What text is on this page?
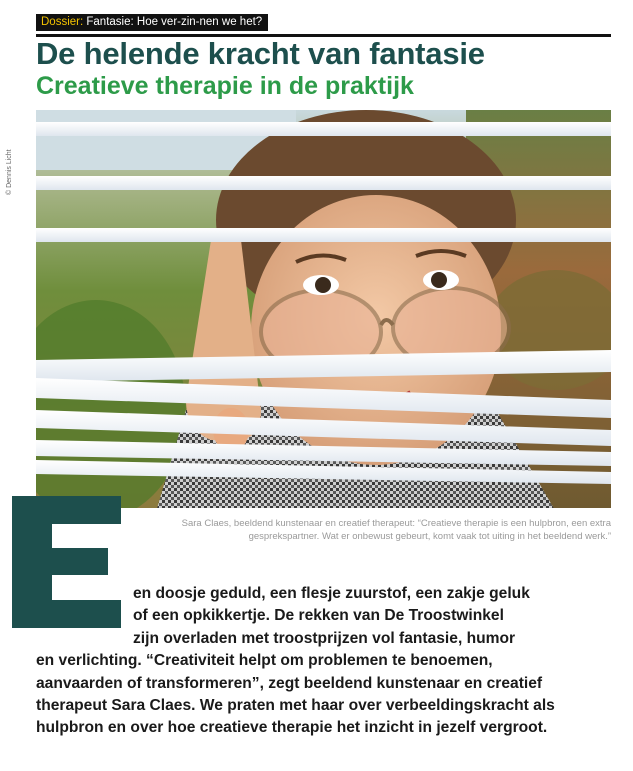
Dossier: Fantasie: Hoe ver-zin-nen we het?
De helende kracht van fantasie
Creatieve therapie in de praktijk
© Dennis Licht
Sara Claes, beeldend kunstenaar en creatief therapeut: “Creatieve therapie is een hulpbron, een extra
gesprekspartner. Wat er onbewust gebeurt, komt vaak tot uiting in het beeldend werk.”
en doosje geduld, een flesje zuurstof, een zakje geluk
of een opkikkertje. De rekken van De Troostwinkel
zijn overladen met troostprijzen vol fantasie, humor
en verlichting. “Creativiteit helpt om problemen te benoemen,
aanvaarden of transformeren”, zegt beeldend kunstenaar en creatief
therapeut Sara Claes. We praten met haar over verbeeldingskracht als
hulpbron en over hoe creatieve therapie het inzicht in jezelf vergroot.
